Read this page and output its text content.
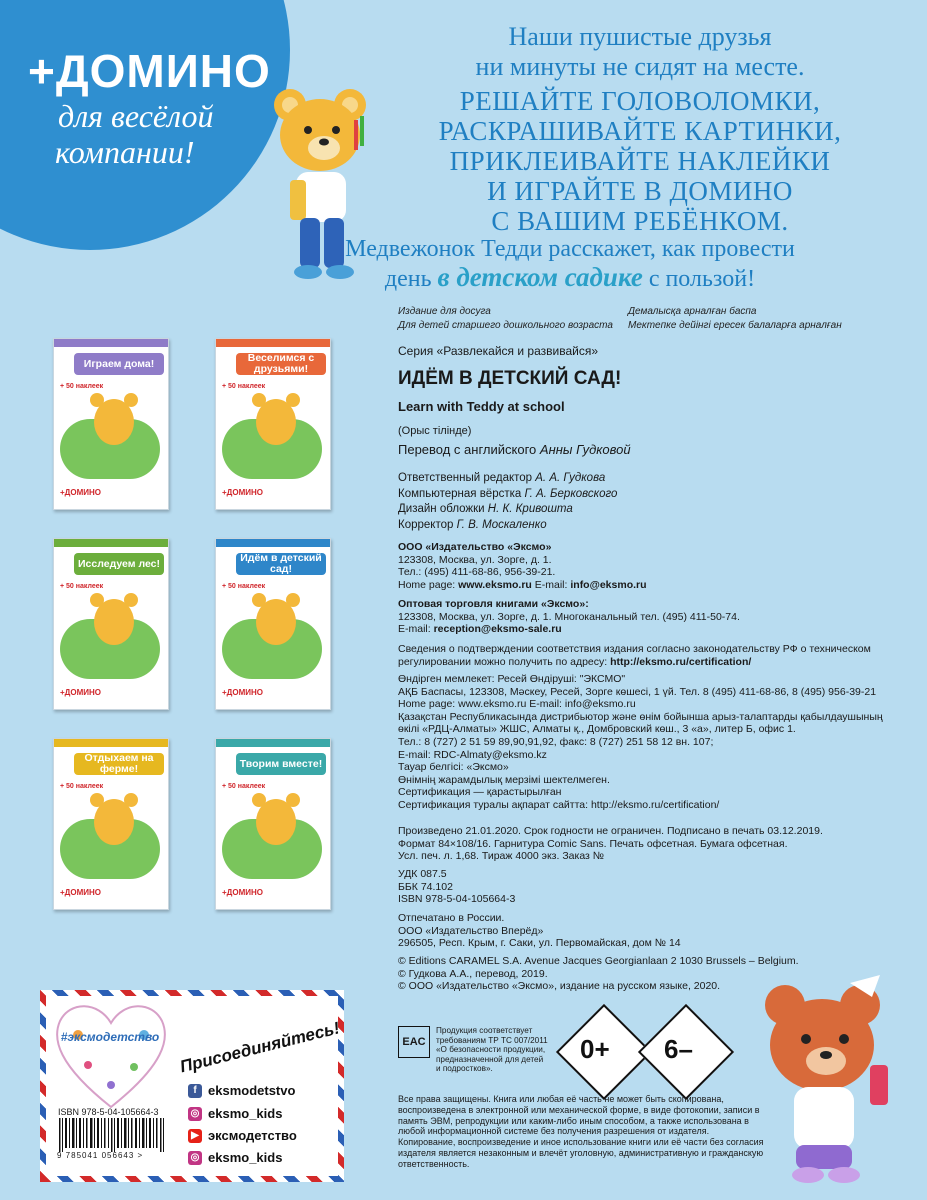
+ДОМИНО
для весёлой
компании!
Наши пушистые друзья
ни минуты не сидят на месте.
РЕШАЙТЕ ГОЛОВОЛОМКИ,
РАСКРАШИВАЙТЕ КАРТИНКИ,
ПРИКЛЕИВАЙТЕ НАКЛЕЙКИ
И ИГРАЙТЕ В ДОМИНО
С ВАШИМ РЕБЁНКОМ.
Медвежонок Тедди расскажет, как провести
день в детском садике с пользой!
Издание для досуга
Для детей старшего дошкольного возраста
Демалысқа арналған баспа
Мектепке дейінгі ересек балаларға арналған
Серия «Развлекайся и развивайся»
ИДЁМ В ДЕТСКИЙ САД!
Learn with Teddy at school
(Орыс тілінде)
Перевод с английского Анны Гудковой
Ответственный редактор А. А. Гудкова
Компьютерная вёрстка Г. А. Берковского
Дизайн обложки Н. К. Кривошта
Корректор Г. В. Москаленко
ООО «Издательство «Эксмо»
123308, Москва, ул. Зорге, д. 1.
Тел.: (495) 411-68-86, 956-39-21.
Home page: www.eksmo.ru E-mail: info@eksmo.ru
Оптовая торговля книгами «Эксмо»:
123308, Москва, ул. Зорге, д. 1. Многоканальный тел. (495) 411-50-74.
E-mail: reception@eksmo-sale.ru
Сведения о подтверждении соответствия издания согласно законодательству РФ о техническом
регулировании можно получить по адресу: http://eksmo.ru/certification/
Өндірген мемлекет: Ресей Өндіруші: "ЭКСМО"
АҚБ Баспасы, 123308, Мәскеу, Ресей, Зорге көшесі, 1 үй. Тел. 8 (495) 411-68-86, 8 (495) 956-39-21
Home page: www.eksmo.ru E-mail: info@eksmo.ru
Қазақстан Республикасында дистрибьютор және өнім бойынша арыз-талаптарды қабылдаушының
өкілі «РДЦ-Алматы» ЖШС, Алматы қ., Домбровский көш., 3 «а», литер Б, офис 1.
Тел.: 8 (727) 2 51 59 89,90,91,92, факс: 8 (727) 251 58 12 вн. 107;
E-mail: RDC-Almaty@eksmo.kz
Тауар белгісі: «Эксмо»
Өнімнің жарамдылық мерзімі шектелмеген.
Сертификация — қарастырылған
Сертификация туралы ақпарат сайтта: http://eksmo.ru/certification/
Произведено 21.01.2020. Срок годности не ограничен. Подписано в печать 03.12.2019.
Формат 84×108/16. Гарнитура Comic Sans. Печать офсетная. Бумага офсетная.
Усл. печ. л. 1,68. Тираж 4000 экз. Заказ №
УДК 087.5
ББК 74.102
ISBN 978-5-04-105664-3
Отпечатано в России.
ООО «Издательство Вперёд»
296505, Респ. Крым, г. Саки, ул. Первомайская, дом № 14
© Editions CARAMEL S.A. Avenue Jacques Georgianlaan 2 1030 Brussels – Belgium.
© Гудкова А.А., перевод, 2019.
© ООО «Издательство «Эксмо», издание на русском языке, 2020.
EAC
Продукция соответствует
требованиям ТР ТС 007/2011
«О безопасности продукции,
предназначенной для детей
и подростков».
0+ 6–
Все права защищены. Книга или любая её часть не может быть скопирована, воспроизведена в электронной или механической форме, в виде фотокопии, записи в память ЭВМ, репродукции или каким-либо иным способом, а также использована в любой информационной системе без получения разрешения от издателя. Копирование, воспроизведение и иное использование книги или её части без согласия издателя является незаконным и влечёт уголовную, административную и гражданскую ответственность.
Играем дома!
+ 50 наклеек
+ДОМИНО
Веселимся с друзьями!
+ 50 наклеек
+ДОМИНО
Исследуем лес!
+ 50 наклеек
+ДОМИНО
Идём в детский сад!
+ 50 наклеек
+ДОМИНО
Отдыхаем на ферме!
+ 50 наклеек
+ДОМИНО
Творим вместе!
+ 50 наклеек
+ДОМИНО
#эксмодетство Присоединяйтесь!
f eksmodetstvo
◎ eksmo_kids
▶ эксмодетство
◎ eksmo_kids
ISBN 978-5-04-105664-3
9 785041 056643 >
